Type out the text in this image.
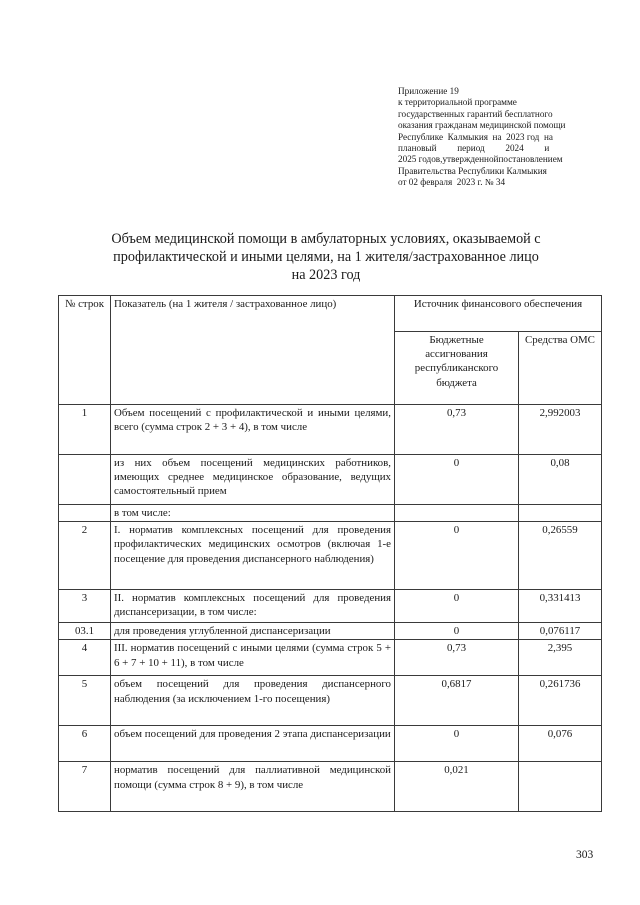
Приложение 19
к территориальной программе
государственных гарантий бесплатного
оказания гражданам медицинской помощи
Республике  Калмыкия  на  2023 год  на
плановый         период         2024         и
2025 годов,утвержденнойпостановлением
Правительства Республики Калмыкия
от 02 февраля  2023 г. № 34
Объем медицинской помощи в амбулаторных условиях, оказываемой с
профилактической и иными целями, на 1 жителя/застрахованное лицо
на 2023 год
№ строк	Показатель (на 1 жителя / застрахованное лицо)	Источник финансового обеспечения	
		Бюджетные ассигнования республиканского бюджета	Средства ОМС
1	Объем посещений с профилактической и иными целями, всего (сумма строк 2 + 3 + 4), в том числе	0,73	2,992003
	из них объем посещений медицинских работников, имеющих среднее медицинское образование, ведущих самостоятельный прием	0	0,08
	в том числе:		
2	I. норматив комплексных посещений для проведения профилактических медицинских осмотров (включая 1-е посещение для проведения диспансерного наблюдения)	0	0,26559
3	II. норматив комплексных посещений для проведения диспансеризации, в том числе:	0	0,331413
03.1	для проведения углубленной диспансеризации	0	0,076117
4	III. норматив посещений с иными целями (сумма строк 5 + 6 + 7 + 10 + 11), в том числе	0,73	2,395
5	объем посещений для проведения диспансерного наблюдения (за исключением 1-го посещения)	0,6817	0,261736
6	объем посещений для проведения 2 этапа диспансеризации	0	0,076
7	норматив посещений для паллиативной медицинской помощи (сумма строк 8 + 9), в том числе	0,021	
303
